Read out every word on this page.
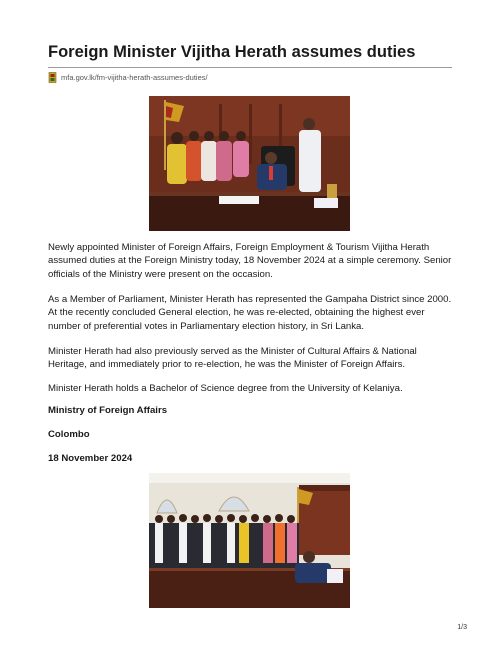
Foreign Minister Vijitha Herath assumes duties
mfa.gov.lk/fm-vijitha-herath-assumes-duties/

Newly appointed Minister of Foreign Affairs, Foreign Employment & Tourism Vijitha Herath assumed duties at the Foreign Ministry today, 18 November 2024 at a simple ceremony. Senior officials of the Ministry were present on the occasion.

As a Member of Parliament, Minister Herath has represented the Gampaha District since 2000. At the recently concluded General election, he was re-elected, obtaining the highest ever number of preferential votes in Parliamentary election history, in Sri Lanka.

Minister Herath had also previously served as the Minister of Cultural Affairs & National Heritage, and immediately prior to re-election, he was the Minister of Foreign Affairs.

Minister Herath holds a Bachelor of Science degree from the University of Kelaniya.

Ministry of Foreign Affairs

Colombo

18 November 2024

1/3
